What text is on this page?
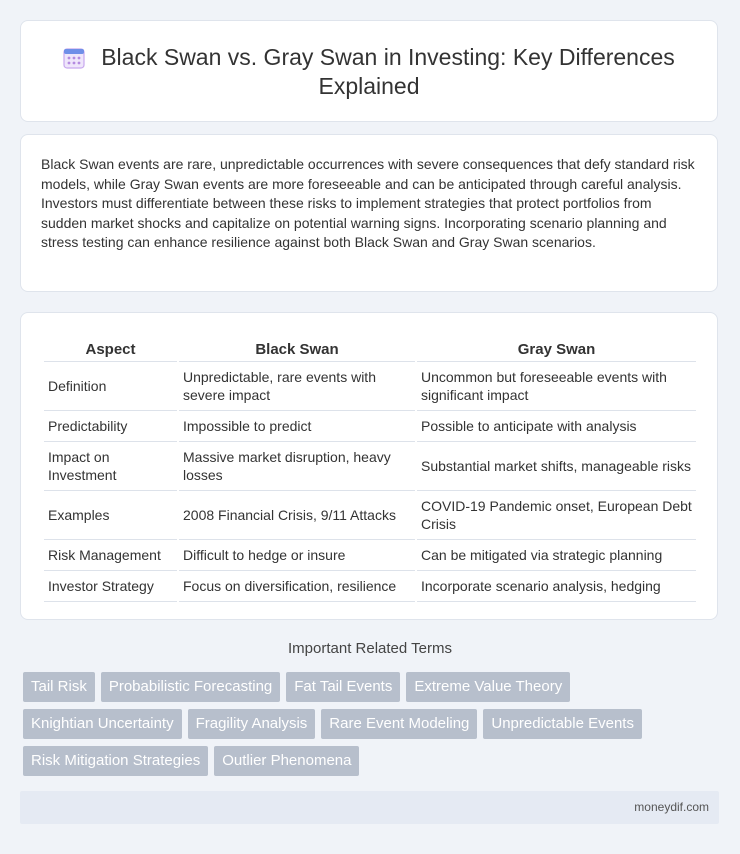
Black Swan vs. Gray Swan in Investing: Key Differences Explained

Black Swan events are rare, unpredictable occurrences with severe consequences that defy standard risk models, while Gray Swan events are more foreseeable and can be anticipated through careful analysis. Investors must differentiate between these risks to implement strategies that protect portfolios from sudden market shocks and capitalize on potential warning signs. Incorporating scenario planning and stress testing can enhance resilience against both Black Swan and Gray Swan scenarios.

Aspect	Black Swan	Gray Swan
Definition	Unpredictable, rare events with severe impact	Uncommon but foreseeable events with significant impact
Predictability	Impossible to predict	Possible to anticipate with analysis
Impact on Investment	Massive market disruption, heavy losses	Substantial market shifts, manageable risks
Examples	2008 Financial Crisis, 9/11 Attacks	COVID-19 Pandemic onset, European Debt Crisis
Risk Management	Difficult to hedge or insure	Can be mitigated via strategic planning
Investor Strategy	Focus on diversification, resilience	Incorporate scenario analysis, hedging
Important Related Terms
Tail Risk	Probabilistic Forecasting	Fat Tail Events	Extreme Value Theory
Knightian Uncertainty	Fragility Analysis	Rare Event Modeling	Unpredictable Events
Risk Mitigation Strategies	Outlier Phenomena
moneydif.com
